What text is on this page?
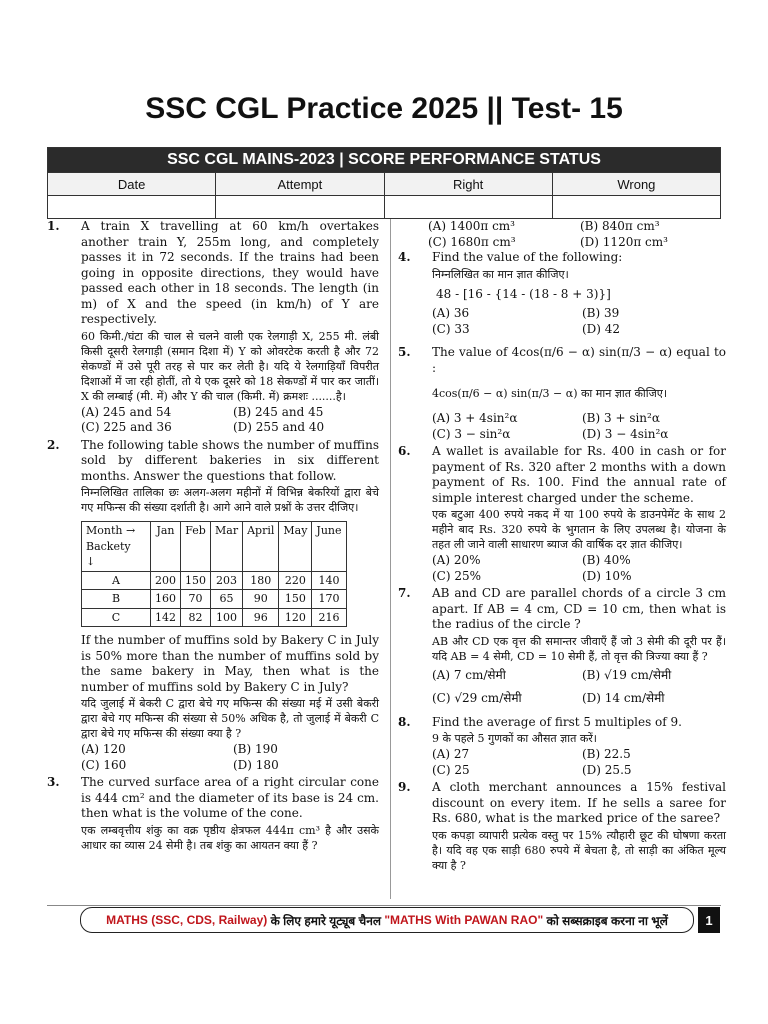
SSC CGL Practice 2025 || Test- 15
SSC CGL MAINS-2023 | SCORE PERFORMANCE STATUS			
Date	Attempt	Right	Wrong

1. A train X travelling at 60 km/h overtakes another train Y, 255m long, and completely passes it in 72 seconds. If the trains had been going in opposite directions, they would have passed each other in 18 seconds. The length (in m) of X and the speed (in km/h) of Y are respectively.
60 किमी./घंटा की चाल से चलने वाली एक रेलगाड़ी X, 255 मी. लंबी किसी दूसरी रेलगाड़ी (समान दिशा में) Y को ओवरटेक करती है और 72 सेकण्डों में उसे पूरी तरह से पार कर लेती है। यदि ये रेलगाड़ियाँ विपरीत दिशाओं में जा रही होतीं, तो ये एक दूसरे को 18 सेकण्डों में पार कर जातीं। X की लम्बाई (मी. में) और Y की चाल (किमी. में) क्रमशः .......है।
(A) 245 and 54	(B) 245 and 45
(C) 225 and 36	(D) 255 and 40
2. The following table shows the number of muffins sold by different bakeries in six different months. Answer the questions that follow.
निम्नलिखित तालिका छः अलग-अलग महीनों में विभिन्न बेकरियों द्वारा बेचे गए मफिन्स की संख्या दर्शाती है। आगे आने वाले प्रश्नों के उत्तर दीजिए।
Month →
Backety
↓	Jan	Feb	Mar	April	May	June
A	200	150	203	180	220	140
B	160	70	65	90	150	170
C	142	82	100	96	120	216
If the number of muffins sold by Bakery C in July is 50% more than the number of muffins sold by the same bakery in May, then what is the number of muffins sold by Bakery C in July?
यदि जुलाई में बेकरी C द्वारा बेचे गए मफिन्स की संख्या मई में उसी बेकरी द्वारा बेचे गए मफिन्स की संख्या से 50% अधिक है, तो जुलाई में बेकरी C द्वारा बेचे गए मफिन्स की संख्या क्या है ?
(A) 120	(B) 190
(C) 160	(D) 180
3. The curved surface area of a right circular cone is 444 cm² and the diameter of its base is 24 cm. then what is the volume of the cone.
एक लम्बवृत्तीय शंकु का वक्र पृष्ठीय क्षेत्रफल 444π cm³ है और उसके आधार का व्यास 24 सेमी है। तब शंकु का आयतन क्या हैं ?
(A) 1400π cm³	(B) 840π cm³
(C) 1680π cm³	(D) 1120π cm³
4. Find the value of the following:
निम्नलिखित का मान ज्ञात कीजिए।
48 - [16 - {14 - (18 - 8 + 3)}]
(A) 36	(B) 39
(C) 33	(D) 42
5. The value of 4cos(π/6 − α) sin(π/3 − α) equal to :
4cos(π/6 − α) sin(π/3 − α) का मान ज्ञात कीजिए।
(A) 3 + 4sin²α	(B) 3 + sin²α
(C) 3 − sin²α	(D) 3 − 4sin²α
6. A wallet is available for Rs. 400 in cash or for payment of Rs. 320 after 2 months with a down payment of Rs. 100. Find the annual rate of simple interest charged under the scheme.
एक बटुआ 400 रुपये नकद में या 100 रुपये के डाउनपेमेंट के साथ 2 महीने बाद Rs. 320 रुपये के भुगतान के लिए उपलब्ध है। योजना के तहत ली जाने वाली साधारण ब्याज की वार्षिक दर ज्ञात कीजिए।
(A) 20%	(B) 40%
(C) 25%	(D) 10%
7. AB and CD are parallel chords of a circle 3 cm apart. If AB = 4 cm, CD = 10 cm, then what is the radius of the circle ?
AB और CD एक वृत्त की समान्तर जीवाएँ हैं जो 3 सेमी की दूरी पर हैं। यदि AB = 4 सेमी, CD = 10 सेमी हैं, तो वृत्त की त्रिज्या क्या हैं ?
(A) 7 cm/सेमी	(B) √19 cm/सेमी
(C) √29 cm/सेमी	(D) 14 cm/सेमी
8. Find the average of first 5 multiples of 9.
9 के पहले 5 गुणकों का औसत ज्ञात करें।
(A) 27	(B) 22.5
(C) 25	(D) 25.5
9. A cloth merchant announces a 15% festival discount on every item. If he sells a saree for Rs. 680, what is the marked price of the saree?
एक कपड़ा व्यापारी प्रत्येक वस्तु पर 15% त्यौहारी छूट की घोषणा करता है। यदि वह एक साड़ी 680 रुपये में बेचता है, तो साड़ी का अंकित मूल्य क्या है ?
MATHS (SSC, CDS, Railway) के लिए हमारे यूट्यूब चैनल "MATHS With PAWAN RAO" को सब्सक्राइब करना ना भूलें	1
